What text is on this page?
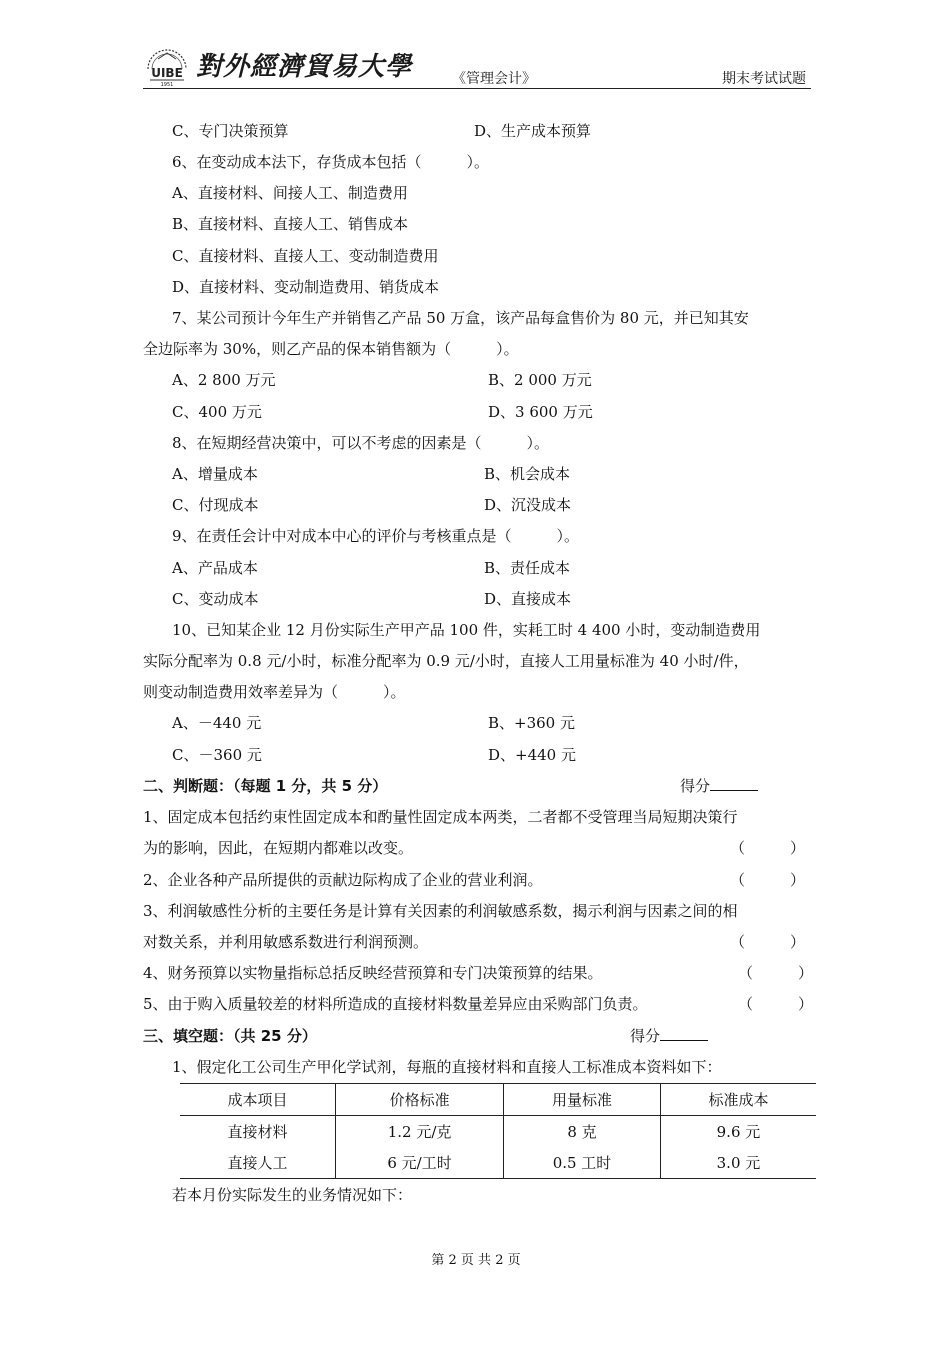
UIBE
1951
對外經濟貿易大學	《管理会计》	期末考试试题
C、专门决策预算	D、生产成本预算
6、在变动成本法下，存货成本包括（　　　）。
A、直接材料、间接人工、制造费用
B、直接材料、直接人工、销售成本
C、直接材料、直接人工、变动制造费用
D、直接材料、变动制造费用、销货成本
7、某公司预计今年生产并销售乙产品 50 万盒，该产品每盒售价为 80 元，并已知其安
全边际率为 30%，则乙产品的保本销售额为（　　　）。
A、2 800 万元	B、2 000 万元
C、400 万元	D、3 600 万元
8、在短期经营决策中，可以不考虑的因素是（　　　）。
A、增量成本	B、机会成本
C、付现成本	D、沉没成本
9、在责任会计中对成本中心的评价与考核重点是（　　　）。
A、产品成本	B、责任成本
C、变动成本	D、直接成本
10、已知某企业 12 月份实际生产甲产品 100 件，实耗工时 4 400 小时，变动制造费用
实际分配率为 0.8 元/小时，标准分配率为 0.9 元/小时，直接人工用量标准为 40 小时/件，
则变动制造费用效率差异为（　　　）。
A、－440 元	B、+360 元
C、－360 元	D、+440 元
二、判断题：（每题 1 分，共 5 分）	得分
1、固定成本包括约束性固定成本和酌量性固定成本两类，二者都不受管理当局短期决策行
为的影响，因此，在短期内都难以改变。	（　　　）
2、企业各种产品所提供的贡献边际构成了企业的营业利润。	（　　　）
3、利润敏感性分析的主要任务是计算有关因素的利润敏感系数，揭示利润与因素之间的相
对数关系，并利用敏感系数进行利润预测。	（　　　）
4、财务预算以实物量指标总括反映经营预算和专门决策预算的结果。	（　　　）
5、由于购入质量较差的材料所造成的直接材料数量差异应由采购部门负责。	（　　　）
三、填空题：（共 25 分）	得分
1、假定化工公司生产甲化学试剂，每瓶的直接材料和直接人工标准成本资料如下：
成本项目	价格标准	用量标准	标准成本
直接材料	1.2 元/克	8 克	9.6 元
直接人工	6 元/工时	0.5 工时	3.0 元
若本月份实际发生的业务情况如下：
第 2 页 共 2 页
